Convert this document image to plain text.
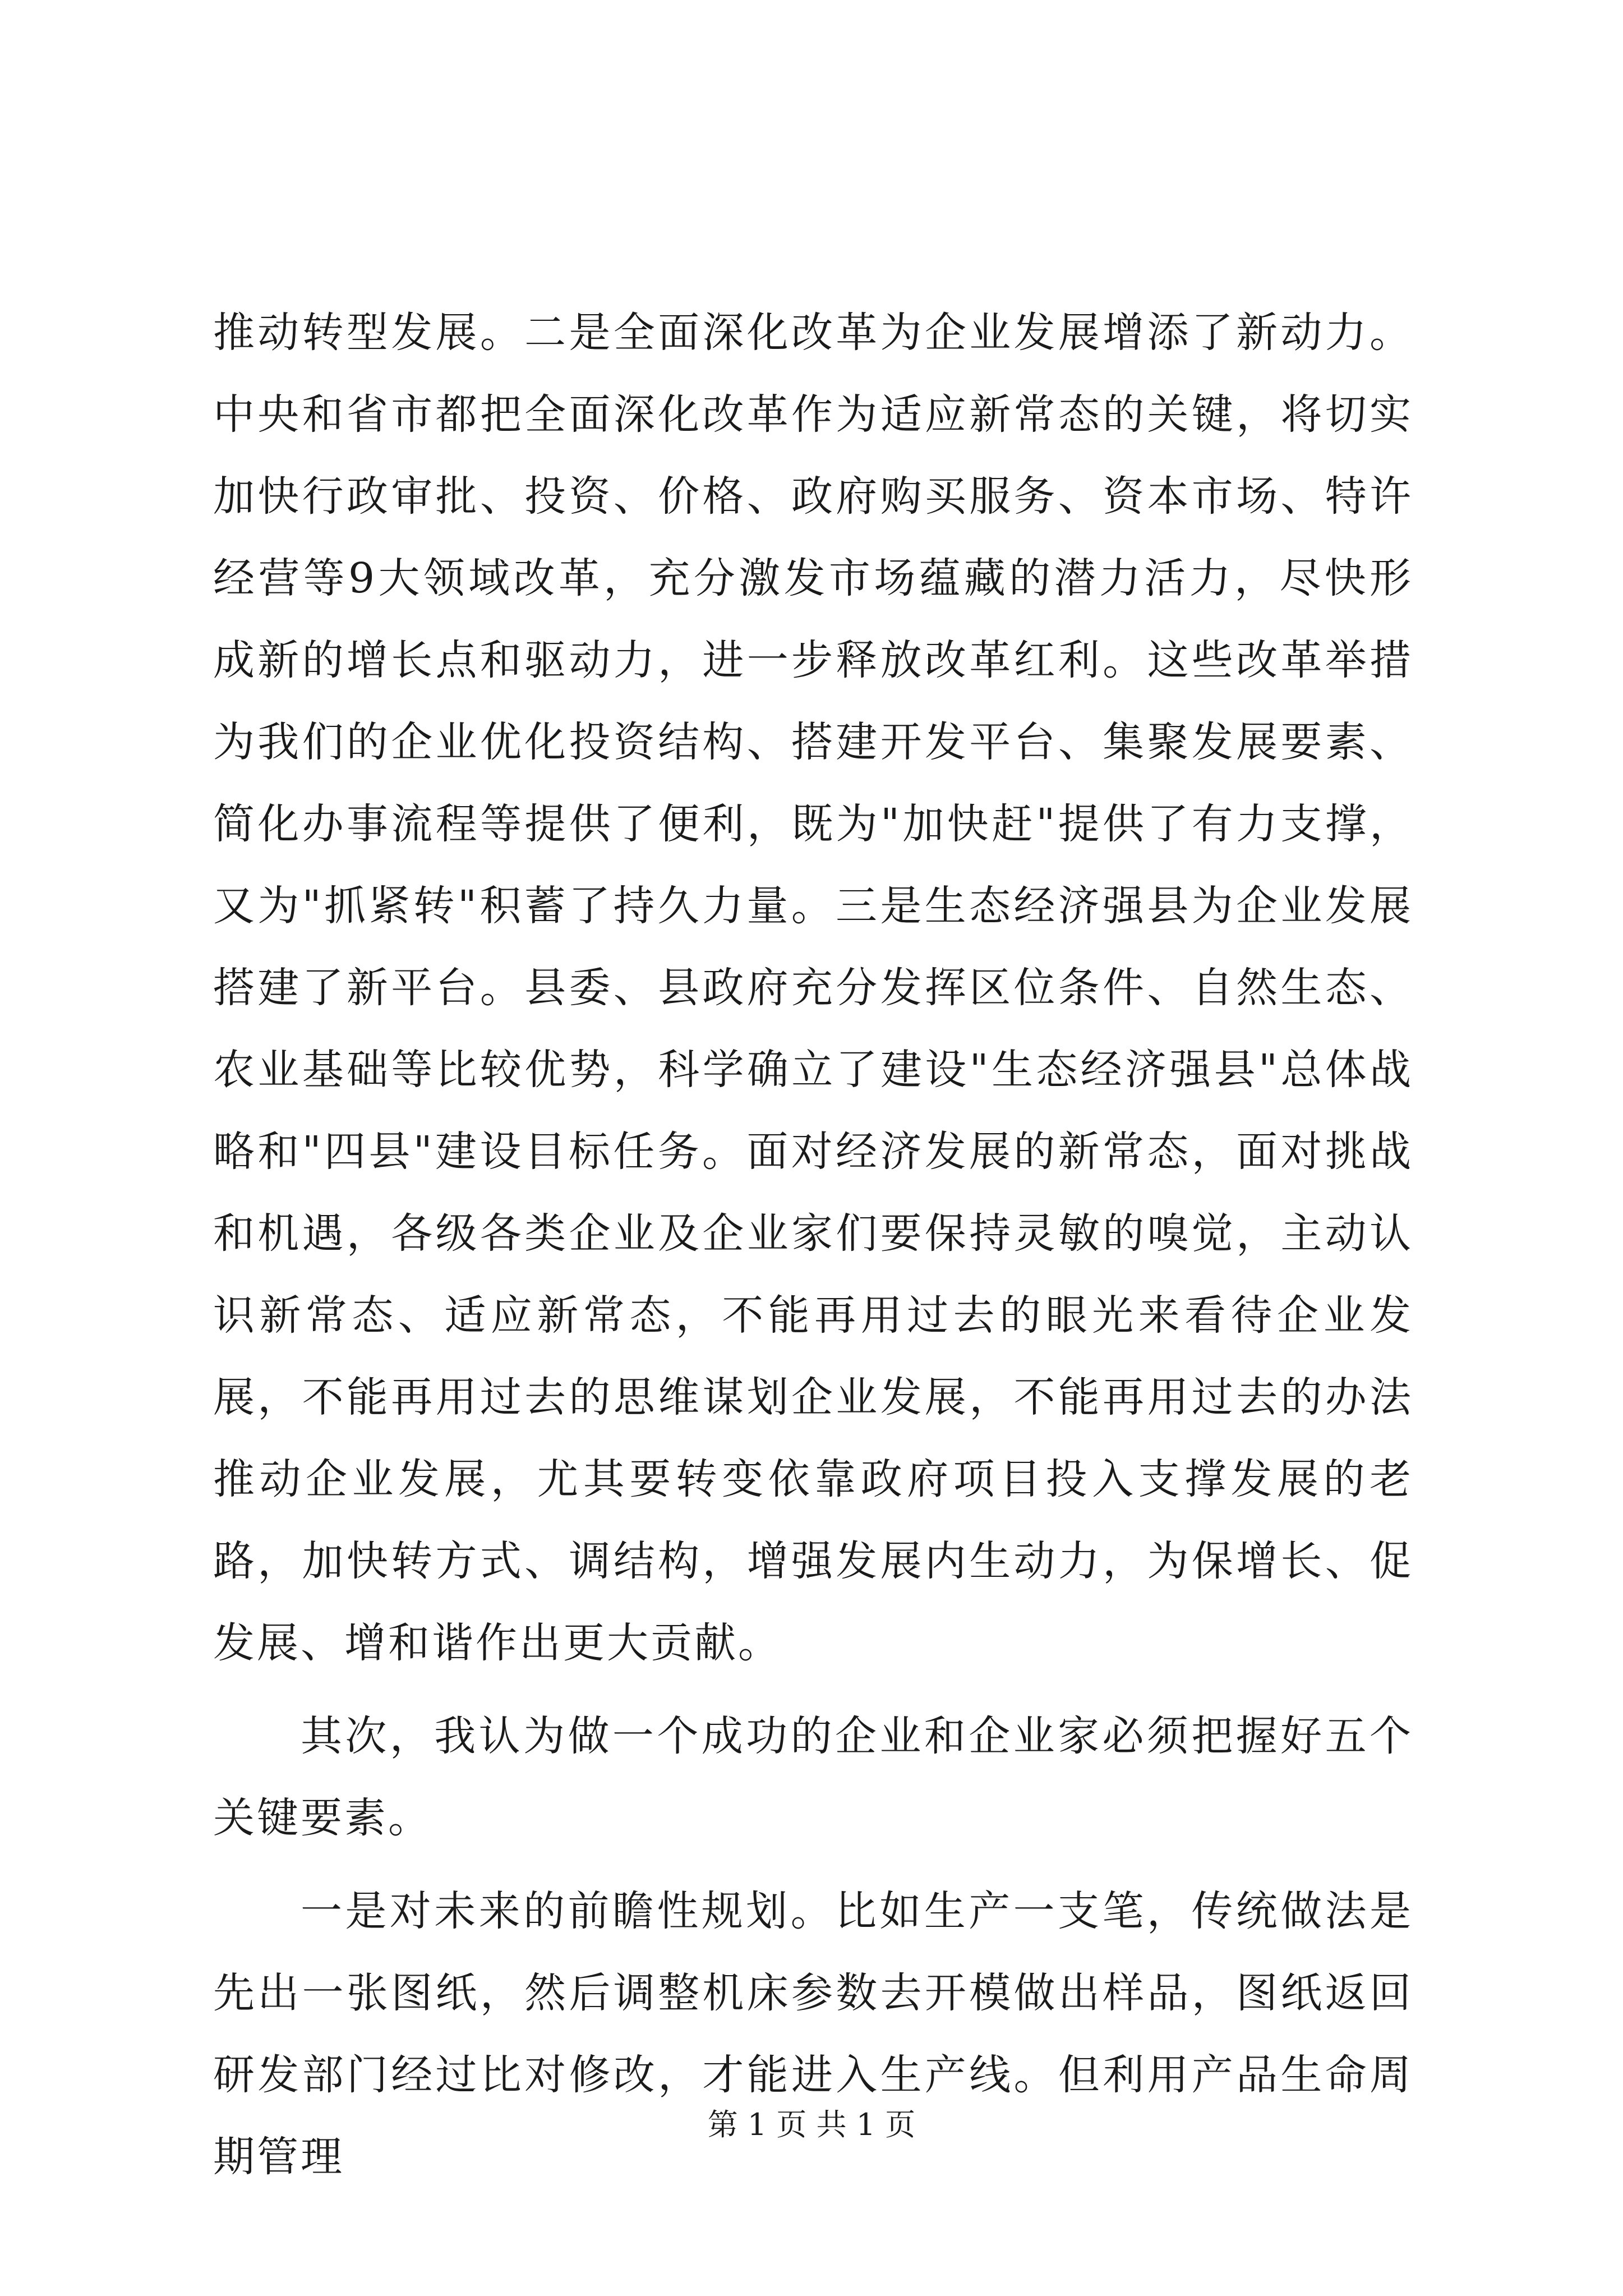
推动转型发展。二是全面深化改革为企业发展增添了新动力。中央和省市都把全面深化改革作为适应新常态的关键，将切实加快行政审批、投资、价格、政府购买服务、资本市场、特许经营等9大领域改革，充分激发市场蕴藏的潜力活力，尽快形成新的增长点和驱动力，进一步释放改革红利。这些改革举措为我们的企业优化投资结构、搭建开发平台、集聚发展要素、简化办事流程等提供了便利，既为"加快赶"提供了有力支撑，又为"抓紧转"积蓄了持久力量。三是生态经济强县为企业发展搭建了新平台。县委、县政府充分发挥区位条件、自然生态、农业基础等比较优势，科学确立了建设"生态经济强县"总体战略和"四县"建设目标任务。面对经济发展的新常态，面对挑战和机遇，各级各类企业及企业家们要保持灵敏的嗅觉，主动认识新常态、适应新常态，不能再用过去的眼光来看待企业发展，不能再用过去的思维谋划企业发展，不能再用过去的办法推动企业发展，尤其要转变依靠政府项目投入支撑发展的老路，加快转方式、调结构，增强发展内生动力，为保增长、促发展、增和谐作出更大贡献。

其次，我认为做一个成功的企业和企业家必须把握好五个关键要素。

一是对未来的前瞻性规划。比如生产一支笔，传统做法是先出一张图纸，然后调整机床参数去开模做出样品，图纸返回研发部门经过比对修改，才能进入生产线。但利用产品生命周期管理

第 1 页 共 1 页
